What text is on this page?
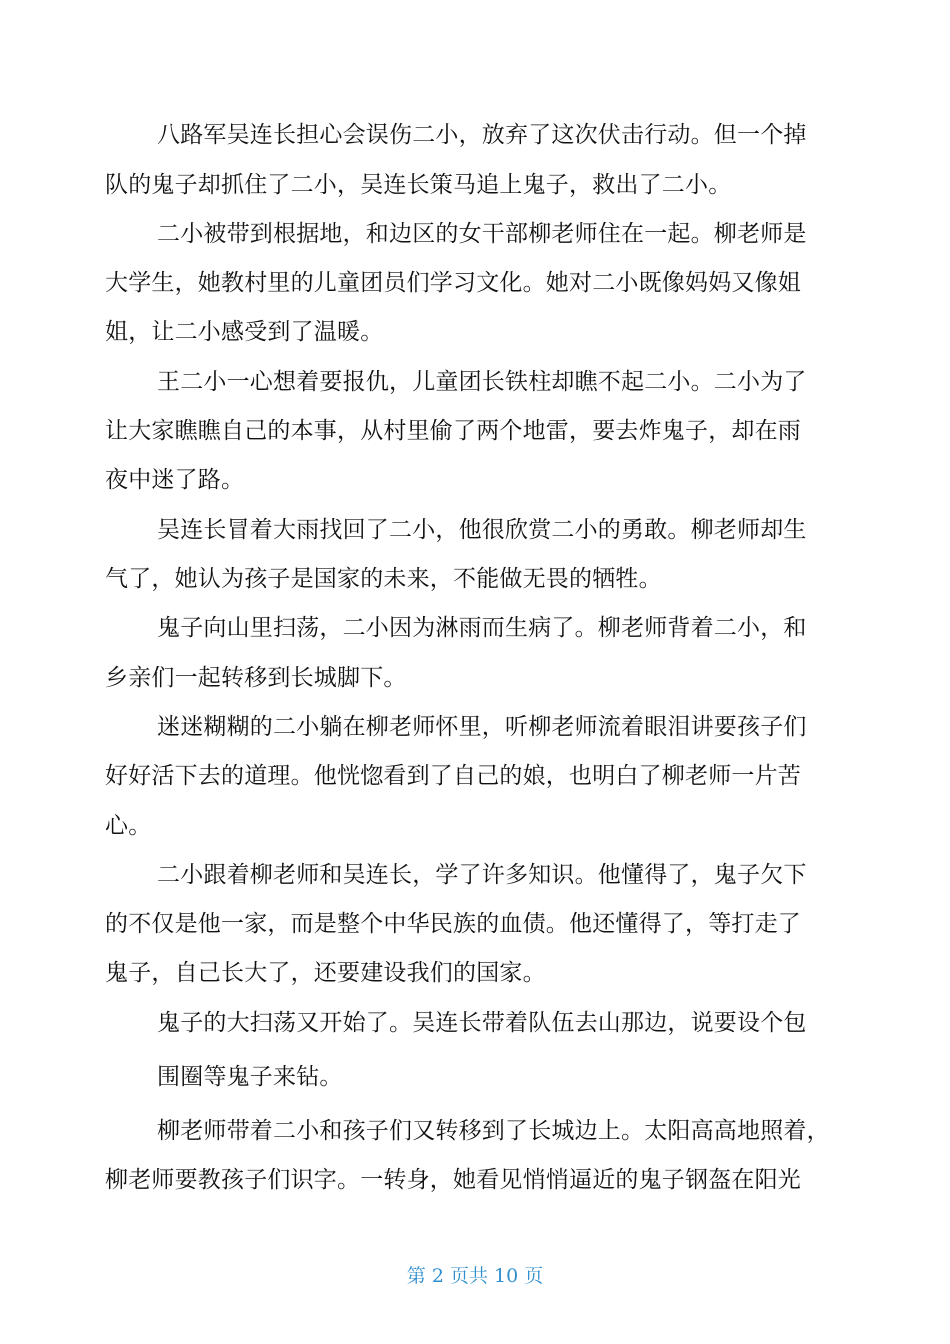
八路军吴连长担心会误伤二小，放弃了这次伏击行动。但一个掉
队的鬼子却抓住了二小，吴连长策马追上鬼子，救出了二小。
二小被带到根据地，和边区的女干部柳老师住在一起。柳老师是
大学生，她教村里的儿童团员们学习文化。她对二小既像妈妈又像姐
姐，让二小感受到了温暖。
王二小一心想着要报仇，儿童团长铁柱却瞧不起二小。二小为了
让大家瞧瞧自己的本事，从村里偷了两个地雷，要去炸鬼子，却在雨
夜中迷了路。
吴连长冒着大雨找回了二小，他很欣赏二小的勇敢。柳老师却生
气了，她认为孩子是国家的未来，不能做无畏的牺牲。
鬼子向山里扫荡，二小因为淋雨而生病了。柳老师背着二小，和
乡亲们一起转移到长城脚下。
迷迷糊糊的二小躺在柳老师怀里，听柳老师流着眼泪讲要孩子们
好好活下去的道理。他恍惚看到了自己的娘，也明白了柳老师一片苦
心。
二小跟着柳老师和吴连长，学了许多知识。他懂得了，鬼子欠下
的不仅是他一家，而是整个中华民族的血债。他还懂得了，等打走了
鬼子，自己长大了，还要建设我们的国家。
鬼子的大扫荡又开始了。吴连长带着队伍去山那边，说要设个包
围圈等鬼子来钻。
柳老师带着二小和孩子们又转移到了长城边上。太阳高高地照着，
柳老师要教孩子们识字。一转身，她看见悄悄逼近的鬼子钢盔在阳光
第 2 页共 10 页
